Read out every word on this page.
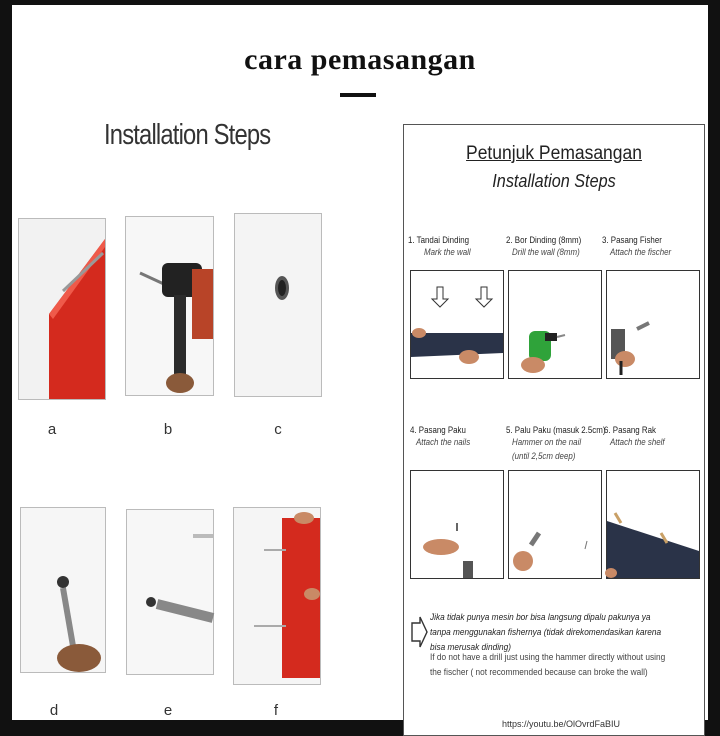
cara pemasangan
Installation Steps
a	b	c
d	e	f
Petunjuk Pemasangan
Installation Steps
1. Tandai Dinding
Mark the wall
2. Bor Dinding (8mm)
Drill the wall (8mm)
3. Pasang Fisher
Attach the fischer
4. Pasang Paku
Attach the nails
5. Palu Paku (masuk 2.5cm)
Hammer on the nail
(until 2,5cm deep)
6. Pasang Rak
Attach the shelf
Jika tidak punya mesin bor bisa langsung dipalu pakunya ya tanpa menggunakan fishernya (tidak direkomendasikan karena bisa merusak dinding)
If do not have a drill just using the hammer directly without using the fischer ( not recommended because can broke the wall)
https://youtu.be/OlOvrdFaBIU
